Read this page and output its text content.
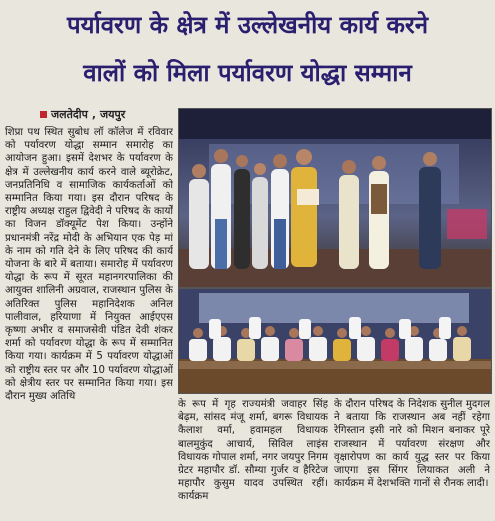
पर्यावरण के क्षेत्र में उल्लेखनीय कार्य करने
वालों को मिला पर्यावरण योद्धा सम्मान
जलतेदीप , जयपुर
शिप्रा पथ स्थित सुबोध लॉ कॉलेज में रविवार को पर्यावरण योद्धा सम्मान समारोह का आयोजन हुआ। इसमें देशभर के पर्यावरण के क्षेत्र में उल्लेखनीय कार्य करने वाले ब्यूरोक्रेट, जनप्रतिनिधि व सामाजिक कार्यकर्ताओं को सम्मानित किया गया। इस दौरान परिषद के राष्ट्रीय अध्यक्ष राहुल द्विवेदी ने परिषद के कार्यों का विजन डॉक्यूमेंट पेश किया। उन्होंने प्रधानमंत्री नरेंद्र मोदी के अभियान एक पेड़ मां के नाम को गति देने के लिए परिषद की कार्य योजना के बारे में बताया। समारोह में पर्यावरण योद्धा के रूप में सूरत महानगरपालिका की आयुक्त शालिनी अग्रवाल, राजस्थान पुलिस के अतिरिक्त पुलिस महानिदेशक अनिल पालीवाल, हरियाणा में नियुक्त आईएएस कृष्णा अभीर व समाजसेवी पंडित देवी शंकर शर्मा को पर्यावरण योद्धा के रूप में सम्मानित किया गया। कार्यक्रम में 5 पर्यावरण योद्धाओं को राष्ट्रीय स्तर पर और 10 पर्यावरण योद्धाओं को क्षेत्रीय स्तर पर सम्मानित किया गया। इस दौरान मुख्य अतिथि
के रूप में गृह राज्यमंत्री जवाहर सिंह बेढ़म, सांसद मंजू शर्मा, बगरू विधायक कैलाश वर्मा, हवामहल विधायक बालमुकुंद आचार्य, सिविल लाइंस विधायक गोपाल शर्मा, नगर जयपुर निगम ग्रेटर महापौर डॉ. सौम्या गुर्जर व हैरिटेज महापौर कुसुम यादव उपस्थित रहीं। कार्यक्रम
के दौरान परिषद के निदेशक सुनील मुदगल ने बताया कि राजस्थान अब नहीं रहेगा रेगिस्तान इसी नारे को मिशन बनाकर पूरे राजस्थान में पर्यावरण संरक्षण और वृक्षारोपण का कार्य युद्ध स्तर पर किया जाएगा इस सिंगर लियाकत अली ने कार्यक्रम में देशभक्ति गानों से रौनक लादी।
